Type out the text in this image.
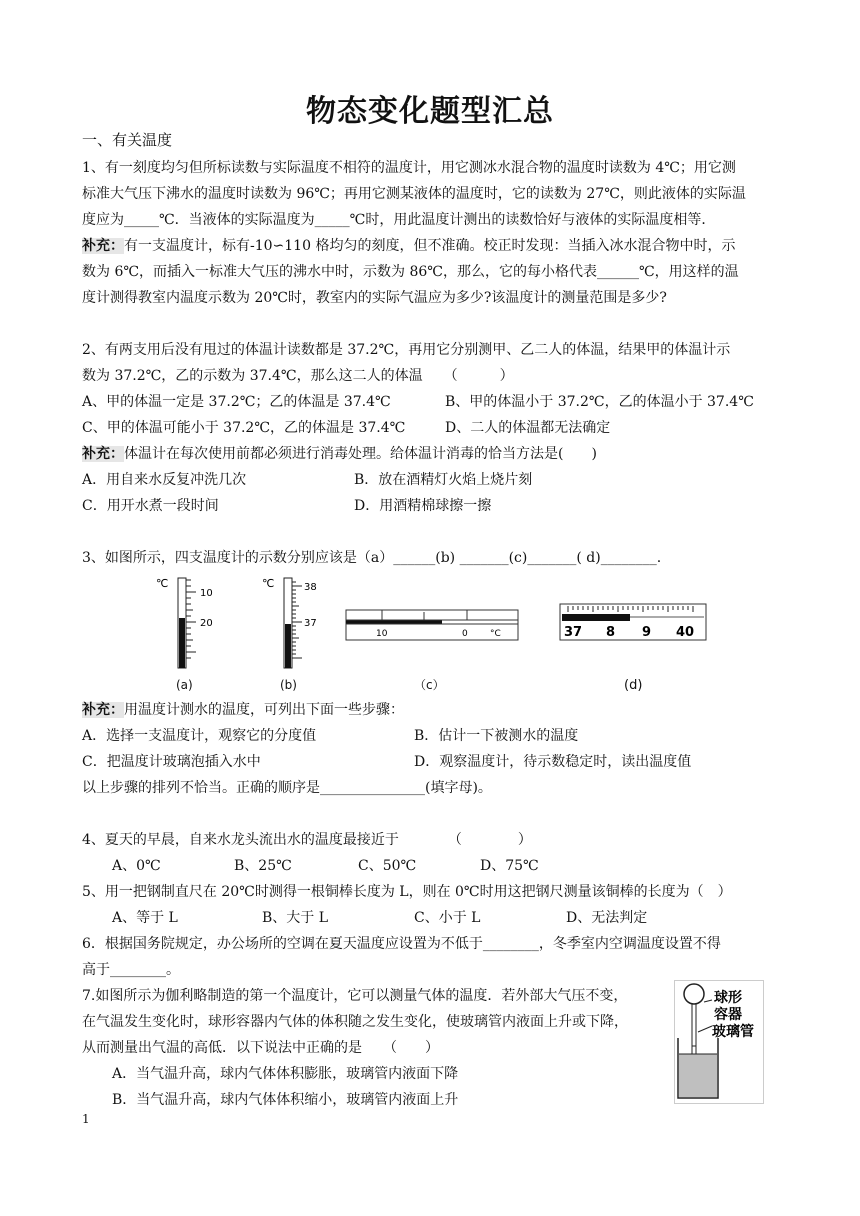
物态变化题型汇总
一、有关温度
1、有一刻度均匀但所标读数与实际温度不相符的温度计，用它测冰水混合物的温度时读数为 4℃；用它测
标准大气压下沸水的温度时读数为 96℃；再用它测某液体的温度时，它的读数为 27℃，则此液体的实际温
度应为_____℃．当液体的实际温度为_____℃时，用此温度计测出的读数恰好与液体的实际温度相等．
补充：有一支温度计，标有-10∽110 格均匀的刻度，但不准确。校正时发现：当插入冰水混合物中时，示
数为 6℃，而插入一标准大气压的沸水中时，示数为 86℃，那么，它的每小格代表______℃，用这样的温
度计测得教室内温度示数为 20℃时，教室内的实际气温应为多少?该温度计的测量范围是多少?
2、有两支用后没有甩过的体温计读数都是 37.2℃，再用它分别测甲、乙二人的体温，结果甲的体温计示
数为 37.2℃，乙的示数为 37.4℃，那么这二人的体温　　（　　　）
A、甲的体温一定是 37.2℃；乙的体温是 37.4℃	B、甲的体温小于 37.2℃，乙的体温小于 37.4℃
C、甲的体温可能小于 37.2℃，乙的体温是 37.4℃	D、二人的体温都无法确定
补充：体温计在每次使用前都必须进行消毒处理。给体温计消毒的恰当方法是(　　)
A．用自来水反复冲洗几次	B．放在酒精灯火焰上烧片刻
C．用开水煮一段时间	D．用酒精棉球擦一擦
3、如图所示，四支温度计的示数分别应该是（a）______(b) _______(c)_______( d)________.
℃
10
20
(a)
℃	38
37
(b)
10	0 °C
（c）
37 8 9 40
(d)
补充：用温度计测水的温度，可列出下面一些步骤：
A．选择一支温度计，观察它的分度值	B．估计一下被测水的温度
C．把温度计玻璃泡插入水中	D．观察温度计，待示数稳定时，读出温度值
以上步骤的排列不恰当。正确的顺序是_______________(填字母)。
4、夏天的早晨，自来水龙头流出水的温度最接近于　　　　（　　　　）
A、0℃	B、25℃	C、50℃	D、75℃
5、用一把钢制直尺在 20℃时测得一根铜棒长度为 L，则在 0℃时用这把钢尺测量该铜棒的长度为（　）
A、等于 L	B、大于 L	C、小于 L	D、无法判定
6．根据国务院规定，办公场所的空调在夏天温度应设置为不低于________，冬季室内空调温度设置不得
高于________。
7.如图所示为伽利略制造的第一个温度计，它可以测量气体的温度．若外部大气压不变，
在气温发生变化时，球形容器内气体的体积随之发生变化，使玻璃管内液面上升或下降，
从而测量出气温的高低．以下说法中正确的是　　（　　）
A．当气温升高，球内气体体积膨胀，玻璃管内液面下降
B．当气温升高，球内气体体积缩小，玻璃管内液面上升
球形
容器
玻璃管
1
